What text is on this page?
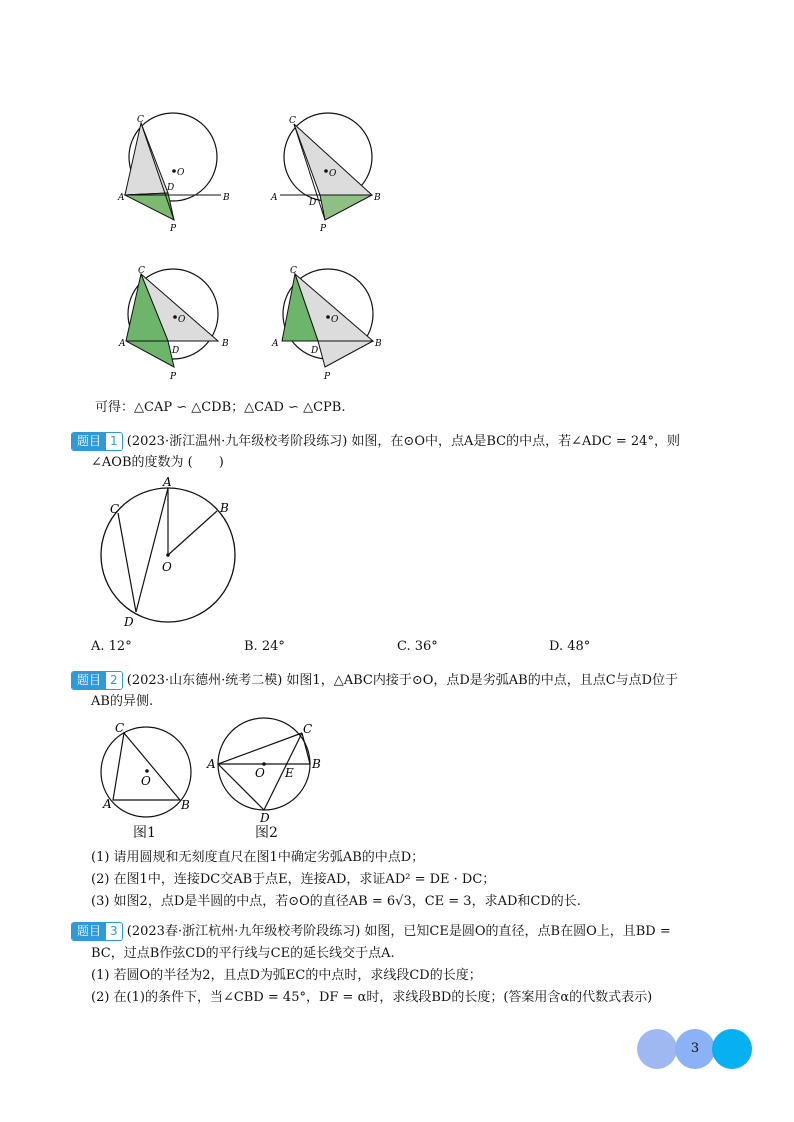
C
O
D
A	B
P
C
O
D
A	B
P
C
O
D
A	B
P
C
O
D
A	B
P
可得：△CAP ∽ △CDB；△CAD ∽ △CPB.
题目 1 (2023·浙江温州·九年级校考阶段练习) 如图，在⊙O中，点A是BC的中点，若∠ADC = 24°，则
∠AOB的度数为 (　　)
A
B
C
O
D
A. 12°	B. 24°	C. 36°	D. 48°
题目 2 (2023·山东德州·统考二模) 如图1，△ABC内接于⊙O，点D是劣弧AB的中点，且点C与点D位于
AB的异侧.
C
O
A	B
图1
C
A
O E
B
D
图2
(1) 请用圆规和无刻度直尺在图1中确定劣弧AB的中点D；
(2) 在图1中，连接DC交AB于点E，连接AD，求证AD² = DE · DC；
(3) 如图2，点D是半圆的中点，若⊙O的直径AB = 6√3，CE = 3，求AD和CD的长.
题目 3 (2023春·浙江杭州·九年级校考阶段练习) 如图，已知CE是圆O的直径，点B在圆O上，且BD =
BC，过点B作弦CD的平行线与CE的延长线交于点A.
(1) 若圆O的半径为2，且点D为弧EC的中点时，求线段CD的长度；
(2) 在(1)的条件下，当∠CBD = 45°，DF = α时，求线段BD的长度；(答案用含α的代数式表示)
3
